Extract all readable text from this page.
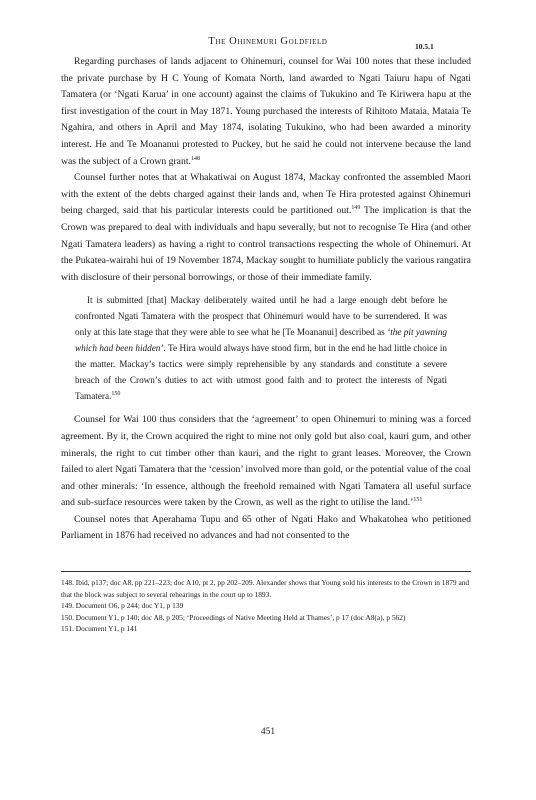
The Ohinemuri Goldfield	10.5.1

Regarding purchases of lands adjacent to Ohinemuri, counsel for Wai 100 notes that these included the private purchase by H C Young of Komata North, land awarded to Ngati Taiuru hapu of Ngati Tamatera (or ‘Ngati Karua’ in one account) against the claims of Tukukino and Te Kiriwera hapu at the first investigation of the court in May 1871. Young purchased the interests of Rihitoto Mataia, Mataia Te Ngahira, and others in April and May 1874, isolating Tukukino, who had been awarded a minority interest. He and Te Moananui protested to Puckey, but he said he could not intervene because the land was the subject of a Crown grant.$^{148}$

Counsel further notes that at Whakatiwai on August 1874, Mackay confronted the assembled Maori with the extent of the debts charged against their lands and, when Te Hira protested against Ohinemuri being charged, said that his particular interests could be partitioned out.$^{149}$ The implication is that the Crown was prepared to deal with individuals and hapu severally, but not to recognise Te Hira (and other Ngati Tamatera leaders) as having a right to control transactions respecting the whole of Ohinemuri. At the Pukatea-wairahi hui of 19 November 1874, Mackay sought to humiliate publicly the various rangatira with disclosure of their personal borrowings, or those of their immediate family.

It is submitted [that] Mackay deliberately waited until he had a large enough debt before he confronted Ngati Tamatera with the prospect that Ohinemuri would have to be surrendered. It was only at this late stage that they were able to see what he [Te Moananui] described as ‘the pit yawning which had been hidden’. Te Hira would always have stood firm, but in the end he had little choice in the matter. Mackay’s tactics were simply reprehensible by any standards and constitute a severe breach of the Crown’s duties to act with utmost good faith and to protect the interests of Ngati Tamatera.$^{150}$

Counsel for Wai 100 thus considers that the ‘agreement’ to open Ohinemuri to mining was a forced agreement. By it, the Crown acquired the right to mine not only gold but also coal, kauri gum, and other minerals, the right to cut timber other than kauri, and the right to grant leases. Moreover, the Crown failed to alert Ngati Tamatera that the ‘cession’ involved more than gold, or the potential value of the coal and other minerals: ‘In essence, although the freehold remained with Ngati Tamatera all useful surface and sub-surface resources were taken by the Crown, as well as the right to utilise the land.’$^{151}$

Counsel notes that Aperahama Tupu and 65 other of Ngati Hako and Whakatohea who petitioned Parliament in 1876 had received no advances and had not consented to the

148. Ibid, p137; doc A8, pp 221–223; doc A10, pt 2, pp 202–209. Alexander shows that Young sold his interests to the Crown in 1879 and that the block was subject to several rehearings in the court up to 1893.

149. Document O6, p 244; doc Y1, p 139

150. Document Y1, p 140; doc A8, p 205; ‘Proceedings of Native Meeting Held at Thames’, p 17 (doc A8(a), p 562)

151. Document Y1, p 141

451
